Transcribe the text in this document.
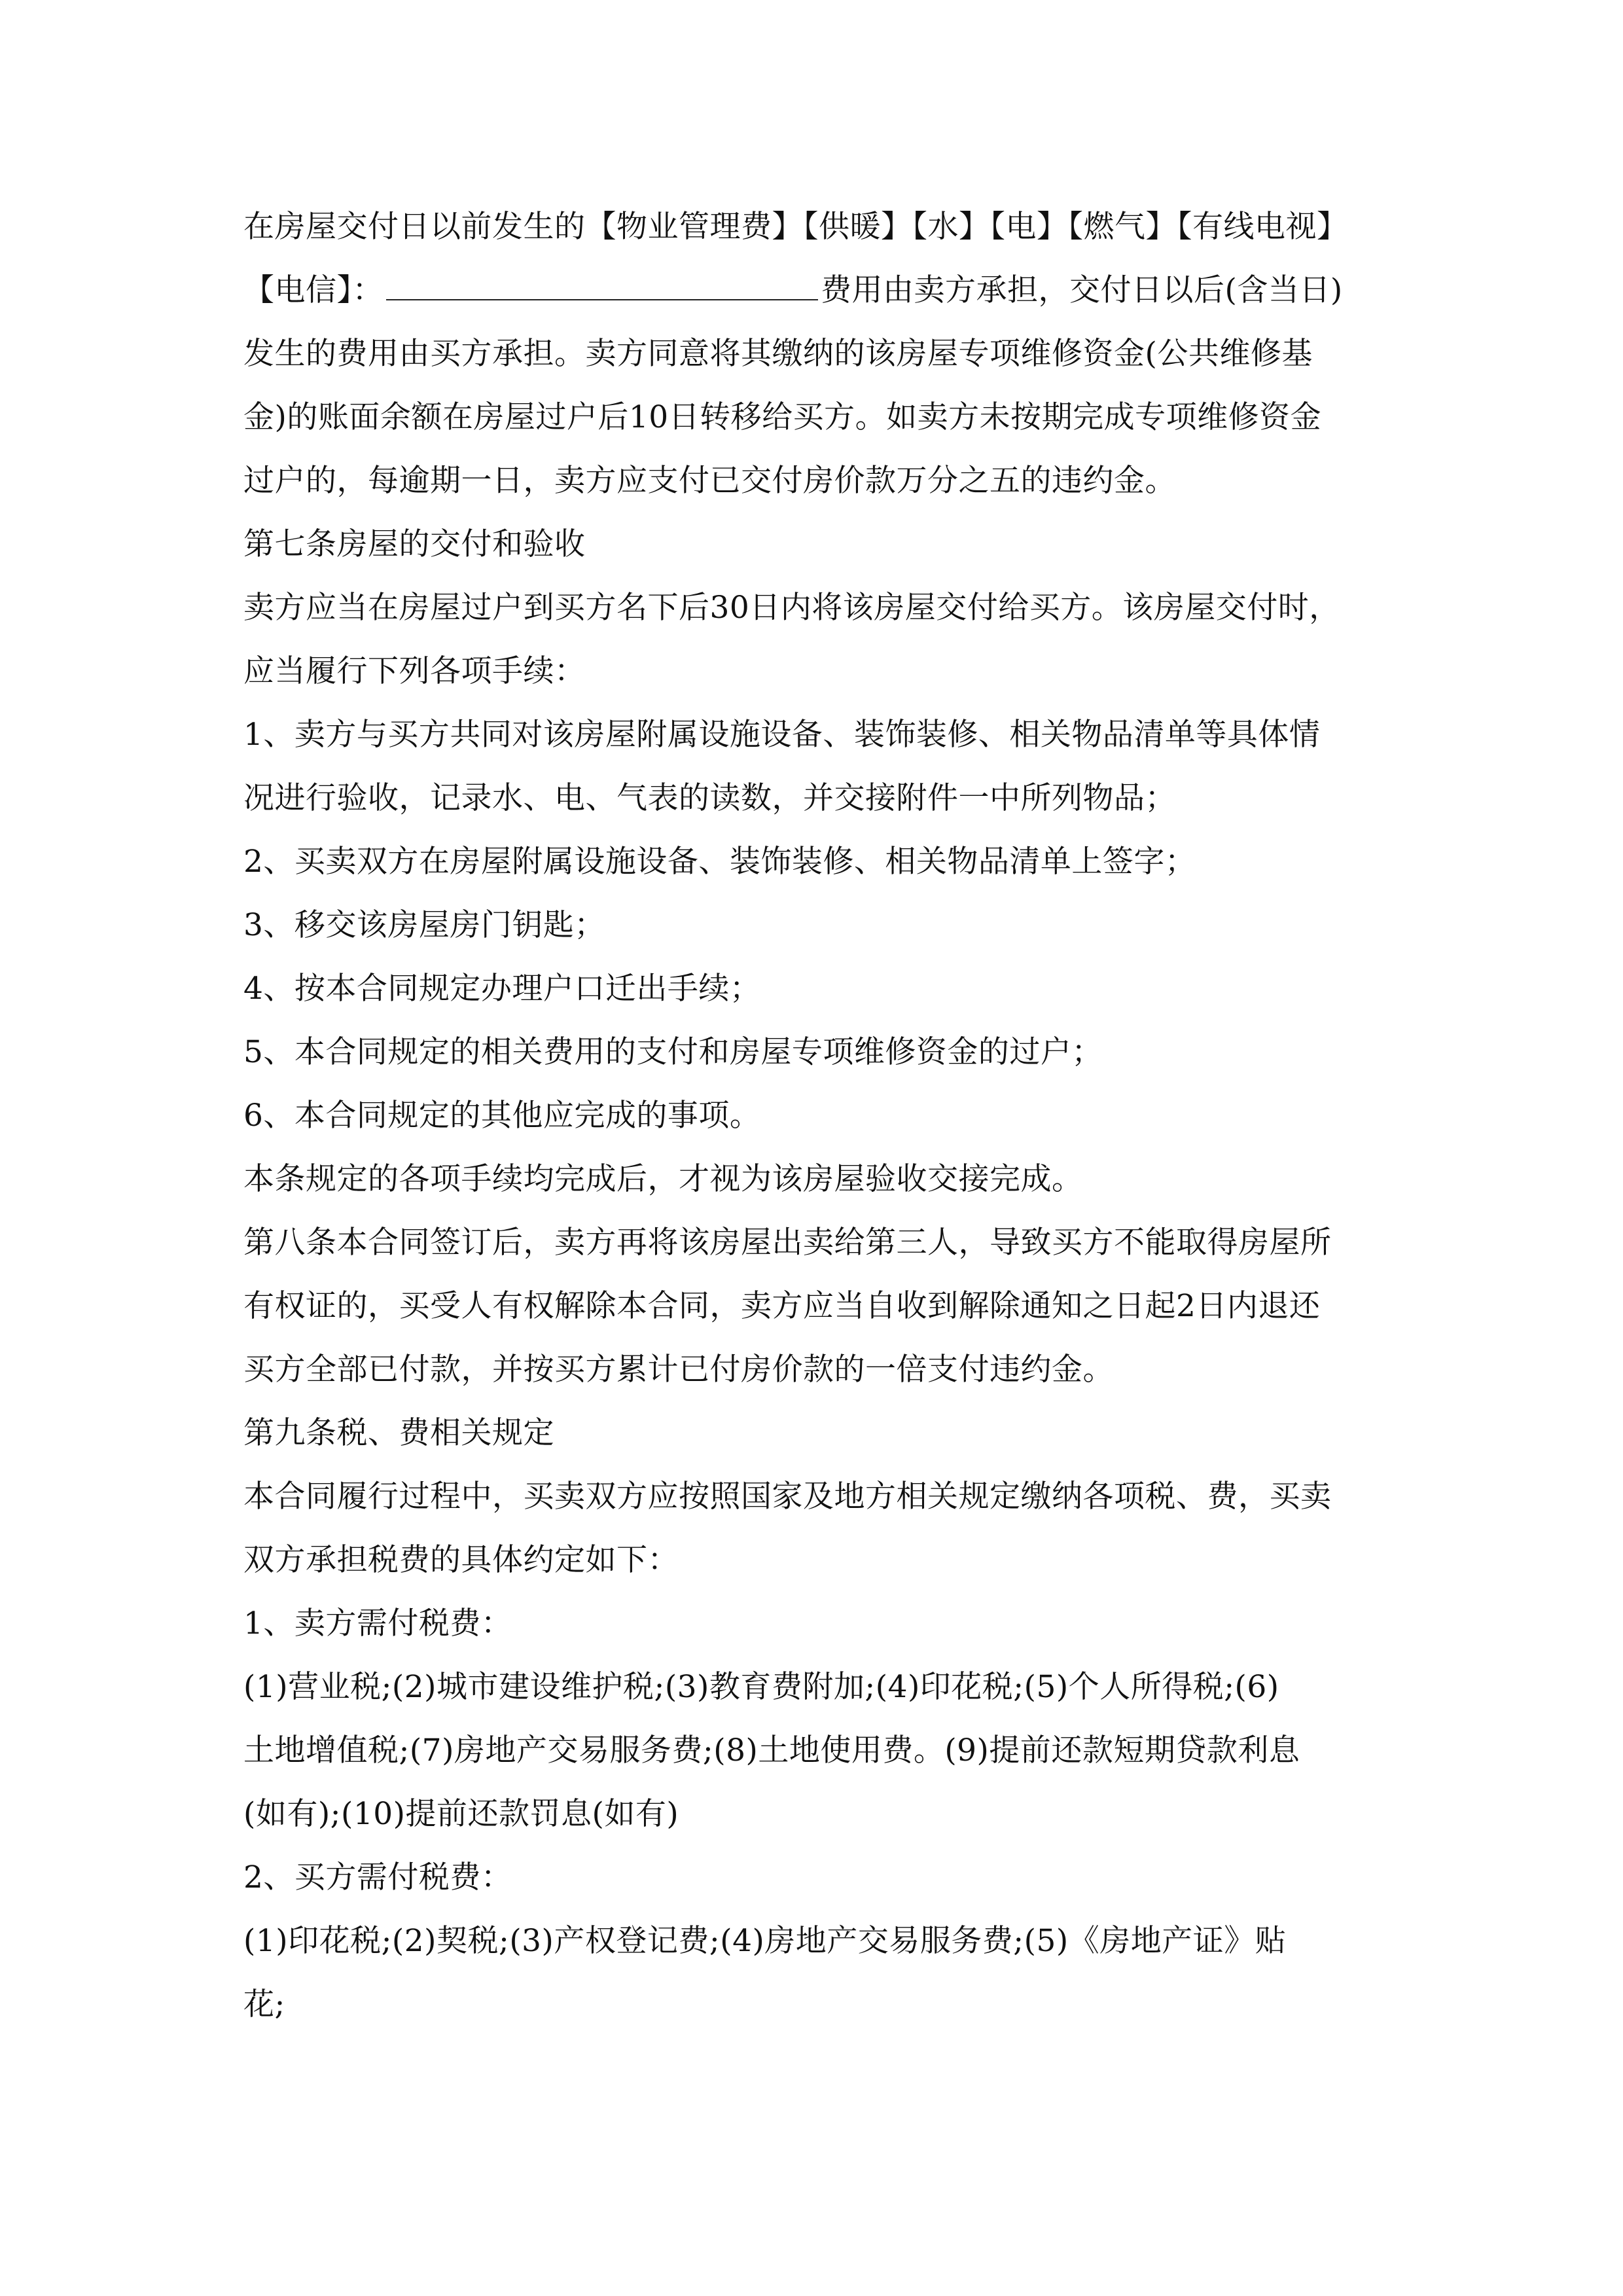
在房屋交付日以前发生的【物业管理费】【供暖】【水】【电】【燃气】【有线电视】
【电信】：	费用由卖方承担，交付日以后(含当日)
发生的费用由买方承担。卖方同意将其缴纳的该房屋专项维修资金(公共维修基
金)的账面余额在房屋过户后10日转移给买方。如卖方未按期完成专项维修资金
过户的，每逾期一日，卖方应支付已交付房价款万分之五的违约金。
第七条房屋的交付和验收
卖方应当在房屋过户到买方名下后30日内将该房屋交付给买方。该房屋交付时，
应当履行下列各项手续：
1、卖方与买方共同对该房屋附属设施设备、装饰装修、相关物品清单等具体情
况进行验收，记录水、电、气表的读数，并交接附件一中所列物品；
2、买卖双方在房屋附属设施设备、装饰装修、相关物品清单上签字；
3、移交该房屋房门钥匙；
4、按本合同规定办理户口迁出手续；
5、本合同规定的相关费用的支付和房屋专项维修资金的过户；
6、本合同规定的其他应完成的事项。
本条规定的各项手续均完成后，才视为该房屋验收交接完成。
第八条本合同签订后，卖方再将该房屋出卖给第三人，导致买方不能取得房屋所
有权证的，买受人有权解除本合同，卖方应当自收到解除通知之日起2日内退还
买方全部已付款，并按买方累计已付房价款的一倍支付违约金。
第九条税、费相关规定
本合同履行过程中，买卖双方应按照国家及地方相关规定缴纳各项税、费，买卖
双方承担税费的具体约定如下：
1、卖方需付税费：
(1)营业税;(2)城市建设维护税;(3)教育费附加;(4)印花税;(5)个人所得税;(6)
土地增值税;(7)房地产交易服务费;(8)土地使用费。(9)提前还款短期贷款利息
(如有);(10)提前还款罚息(如有)
2、买方需付税费：
(1)印花税;(2)契税;(3)产权登记费;(4)房地产交易服务费;(5)《房地产证》贴
花;
